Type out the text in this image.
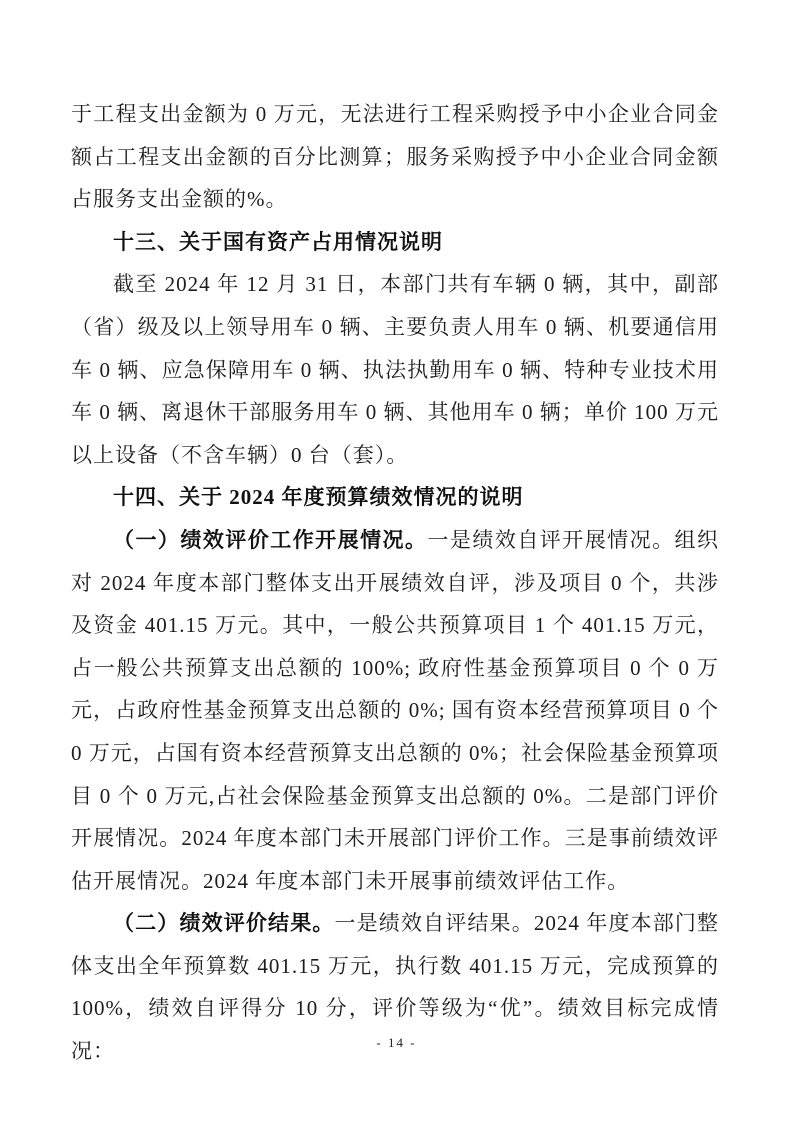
于工程支出金额为 0 万元，无法进行工程采购授予中小企业合同金额占工程支出金额的百分比测算；服务采购授予中小企业合同金额占服务支出金额的%。

十三、关于国有资产占用情况说明

截至 2024 年 12 月 31 日，本部门共有车辆 0 辆，其中，副部（省）级及以上领导用车 0 辆、主要负责人用车 0 辆、机要通信用车 0 辆、应急保障用车 0 辆、执法执勤用车 0 辆、特种专业技术用车 0 辆、离退休干部服务用车 0 辆、其他用车 0 辆；单价 100 万元以上设备（不含车辆）0 台（套）。

十四、关于 2024 年度预算绩效情况的说明

（一）绩效评价工作开展情况。一是绩效自评开展情况。组织对 2024 年度本部门整体支出开展绩效自评，涉及项目 0 个，共涉及资金 401.15 万元。其中，一般公共预算项目 1 个 401.15 万元，占一般公共预算支出总额的 100%; 政府性基金预算项目 0 个 0 万元，占政府性基金预算支出总额的 0%; 国有资本经营预算项目 0 个 0 万元，占国有资本经营预算支出总额的 0%；社会保险基金预算项目 0 个 0 万元,占社会保险基金预算支出总额的 0%。二是部门评价开展情况。2024 年度本部门未开展部门评价工作。三是事前绩效评估开展情况。2024 年度本部门未开展事前绩效评估工作。

（二）绩效评价结果。一是绩效自评结果。2024 年度本部门整体支出全年预算数 401.15 万元，执行数 401.15 万元，完成预算的 100%，绩效自评得分 10 分，评价等级为“优”。绩效目标完成情况：	- 14 -
